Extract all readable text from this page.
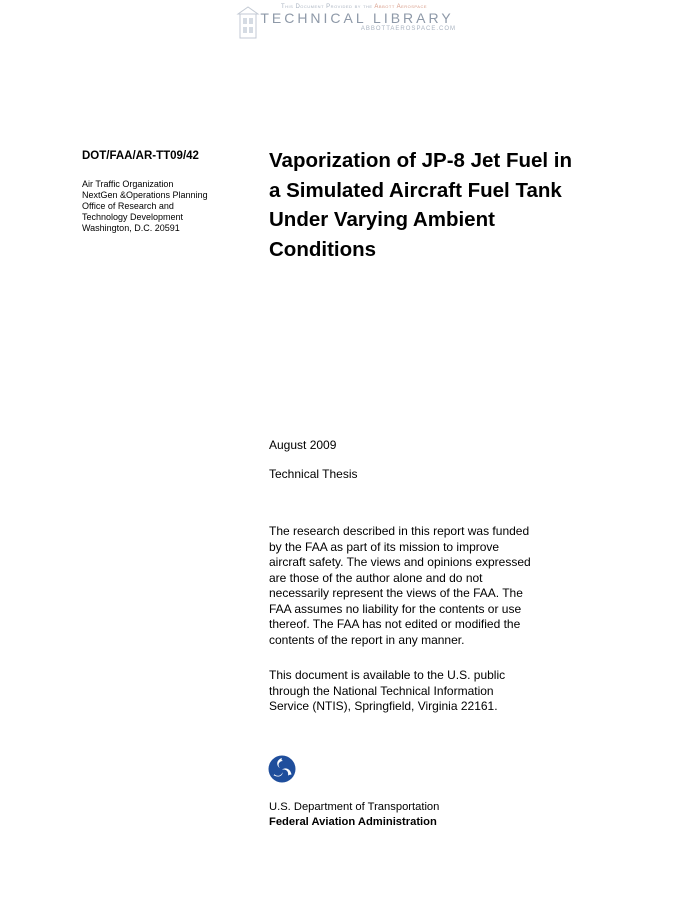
This Document Provided by the Abbott Aerospace
TECHNICAL LIBRARY
ABBOTTAEROSPACE.COM
DOT/FAA/AR-TT09/42
Air Traffic Organization
NextGen &Operations Planning
Office of Research and
Technology Development
Washington, D.C. 20591
Vaporization of JP-8 Jet Fuel in
a Simulated Aircraft Fuel Tank
Under Varying Ambient
Conditions
August 2009
Technical Thesis
The research described in this report was funded
by the FAA as part of its mission to improve
aircraft safety. The views and opinions expressed
are those of the author alone and do not
necessarily represent the views of the FAA. The
FAA assumes no liability for the contents or use
thereof. The FAA has not edited or modified the
contents of the report in any manner.
This document is available to the U.S. public
through the National Technical Information
Service (NTIS), Springfield, Virginia 22161.
U.S. Department of Transportation
Federal Aviation Administration
